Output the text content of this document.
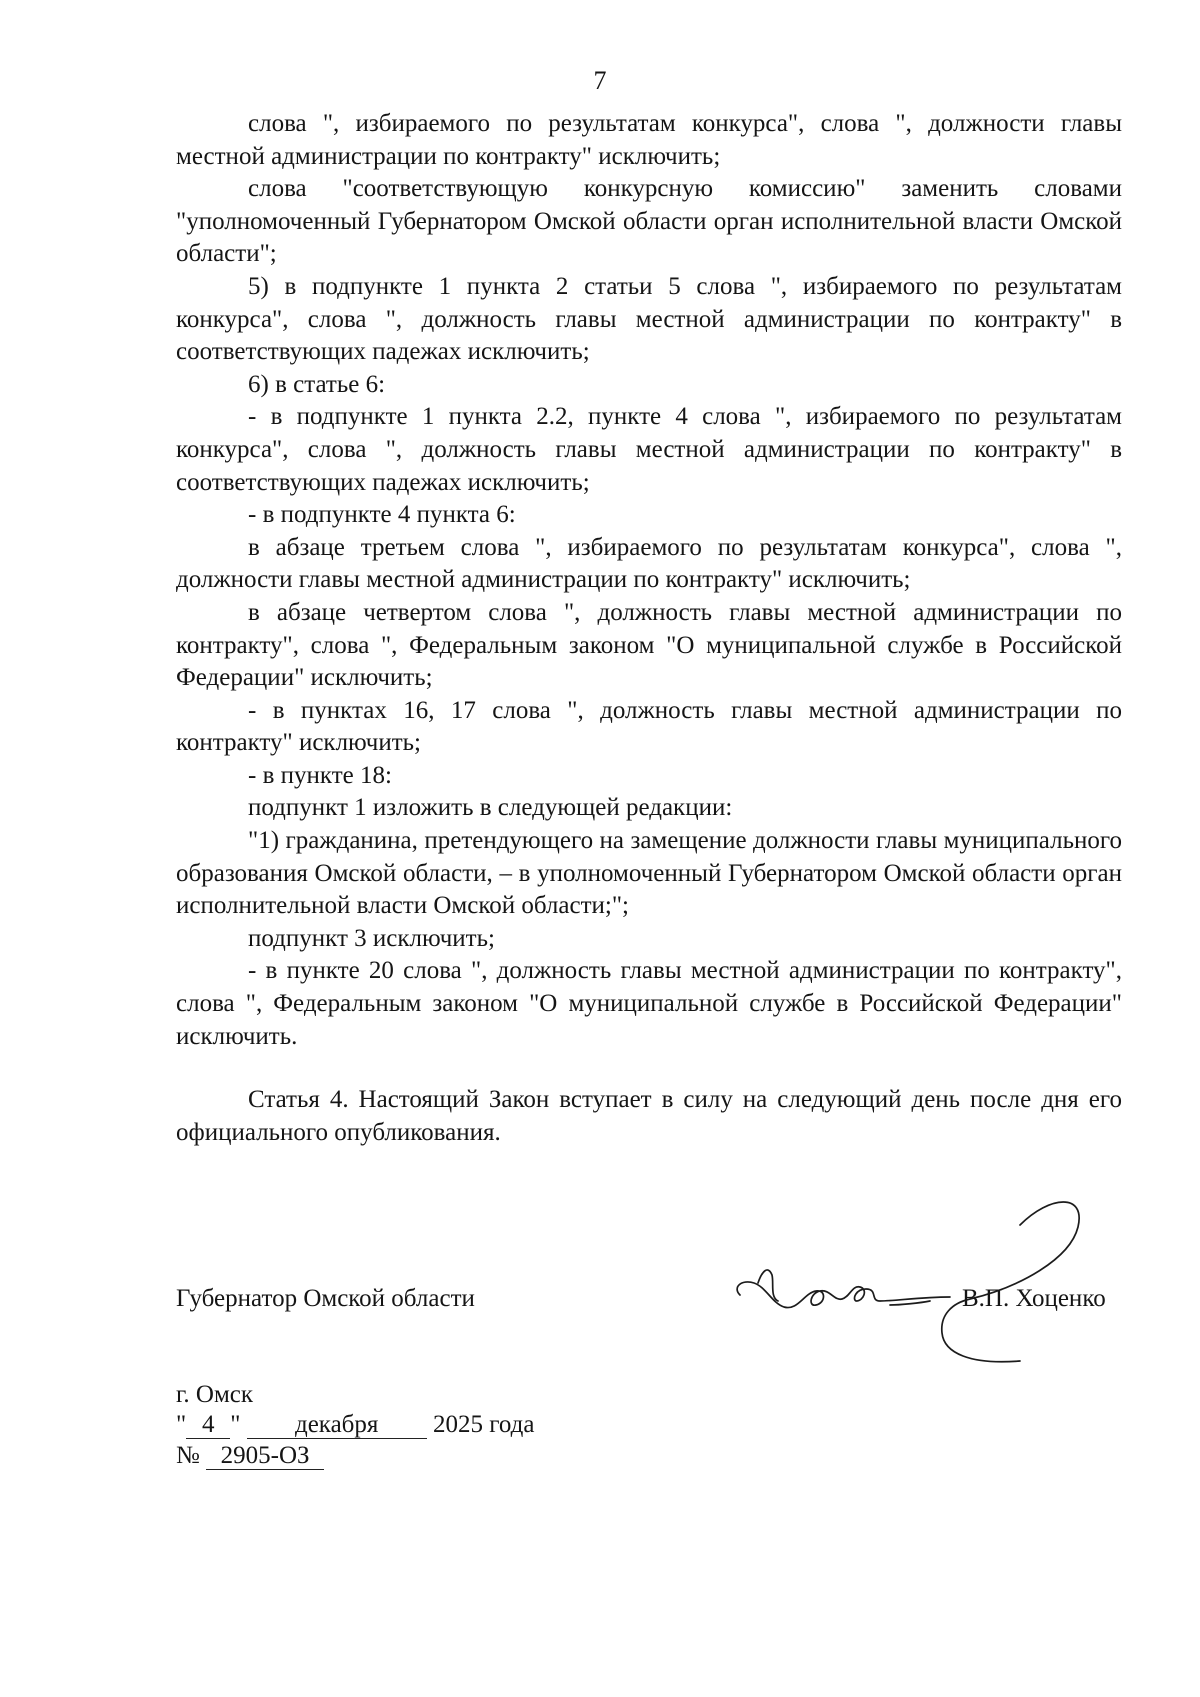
7

слова ", избираемого по результатам конкурса", слова ", должности главы местной администрации по контракту" исключить;

слова "соответствующую конкурсную комиссию" заменить словами "уполномоченный Губернатором Омской области орган исполнительной власти Омской области";

5) в подпункте 1 пункта 2 статьи 5 слова ", избираемого по результатам конкурса", слова ", должность главы местной администрации по контракту" в соответствующих падежах исключить;

6) в статье 6:

- в подпункте 1 пункта 2.2, пункте 4 слова ", избираемого по результатам конкурса", слова ", должность главы местной администрации по контракту" в соответствующих падежах исключить;

- в подпункте 4 пункта 6:

в абзаце третьем слова ", избираемого по результатам конкурса", слова ", должности главы местной администрации по контракту" исключить;

в абзаце четвертом слова ", должность главы местной администрации по контракту", слова ", Федеральным законом "О муниципальной службе в Российской Федерации" исключить;

- в пунктах 16, 17 слова ", должность главы местной администрации по контракту" исключить;

- в пункте 18:

подпункт 1 изложить в следующей редакции:

"1) гражданина, претендующего на замещение должности главы муниципального образования Омской области, – в уполномоченный Губернатором Омской области орган исполнительной власти Омской области;";

подпункт 3 исключить;

- в пункте 20 слова ", должность главы местной администрации по контракту", слова ", Федеральным законом "О муниципальной службе в Российской Федерации" исключить.

Статья 4. Настоящий Закон вступает в силу на следующий день после дня его официального опубликования.

Губернатор Омской области	В.П. Хоценко
г. Омск
" 4 " декабря 2025 года
№ 2905-ОЗ
